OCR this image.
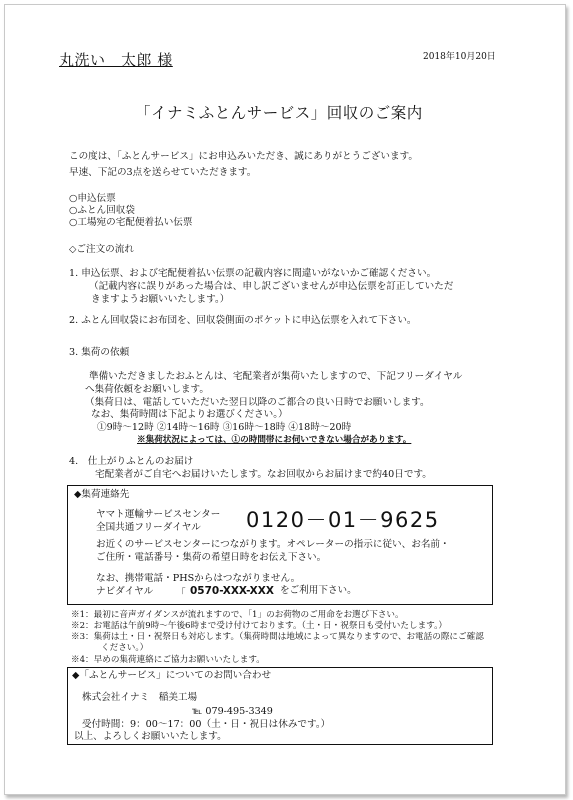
丸洗い　太郎 様	2018年10月20日
「イナミふとんサービス」回収のご案内
この度は、「ふとんサービス」にお申込みいただき、誠にありがとうございます。
早速、下記の3点を送らせていただきます。
○申込伝票
○ふとん回収袋
○工場宛の宅配便着払い伝票
◇ご注文の流れ
1. 申込伝票、および宅配便着払い伝票の記載内容に間違いがないかご確認ください。
（記載内容に誤りがあった場合は、申し訳ございませんが申込伝票を訂正していただ
きますようお願いいたします。）
2. ふとん回収袋にお布団を、回収袋側面のポケットに申込伝票を入れて下さい。
3. 集荷の依頼
準備いただきましたおふとんは、宅配業者が集荷いたしますので、下記フリーダイヤル
へ集荷依頼をお願いします。
（集荷日は、電話していただいた翌日以降のご都合の良い日時でお願いします。
なお、集荷時間は下記よりお選びください。）
①9時～12時 ②14時～16時 ③16時～18時 ④18時～20時
※集荷状況によっては、①の時間帯にお伺いできない場合があります。
4.　仕上がりふとんのお届け
宅配業者がご自宅へお届けいたします。なお回収からお届けまで約40日です。
◆集荷連絡先
ヤマト運輸サービスセンター
全国共通フリーダイヤル 0120－01－9625
お近くのサービスセンターにつながります。オペレーターの指示に従い、お名前・
ご住所・電話番号・集荷の希望日時をお伝え下さい。
なお、携帯電話・PHSからはつながりません。
ナビダイヤル 「 0570-XXX-XXX をご利用下さい。
※1：最初に音声ガイダンスが流れますので、「1」のお荷物のご用命をお選び下さい。
※2：お電話は午前9時～午後6時まで受け付けております。（土・日・祝祭日も受付いたします。）
※3：集荷は土・日・祝祭日も対応します。（集荷時間は地域によって異なりますので、お電話の際にご確認
ください。）
※4：早めの集荷連絡にご協力お願いいたします。
◆「ふとんサービス」についてのお問い合わせ
株式会社イナミ　稲美工場
℡ 079-495-3349
受付時間：9：00～17：00（土・日・祝日は休みです。）
以上、よろしくお願いいたします。
